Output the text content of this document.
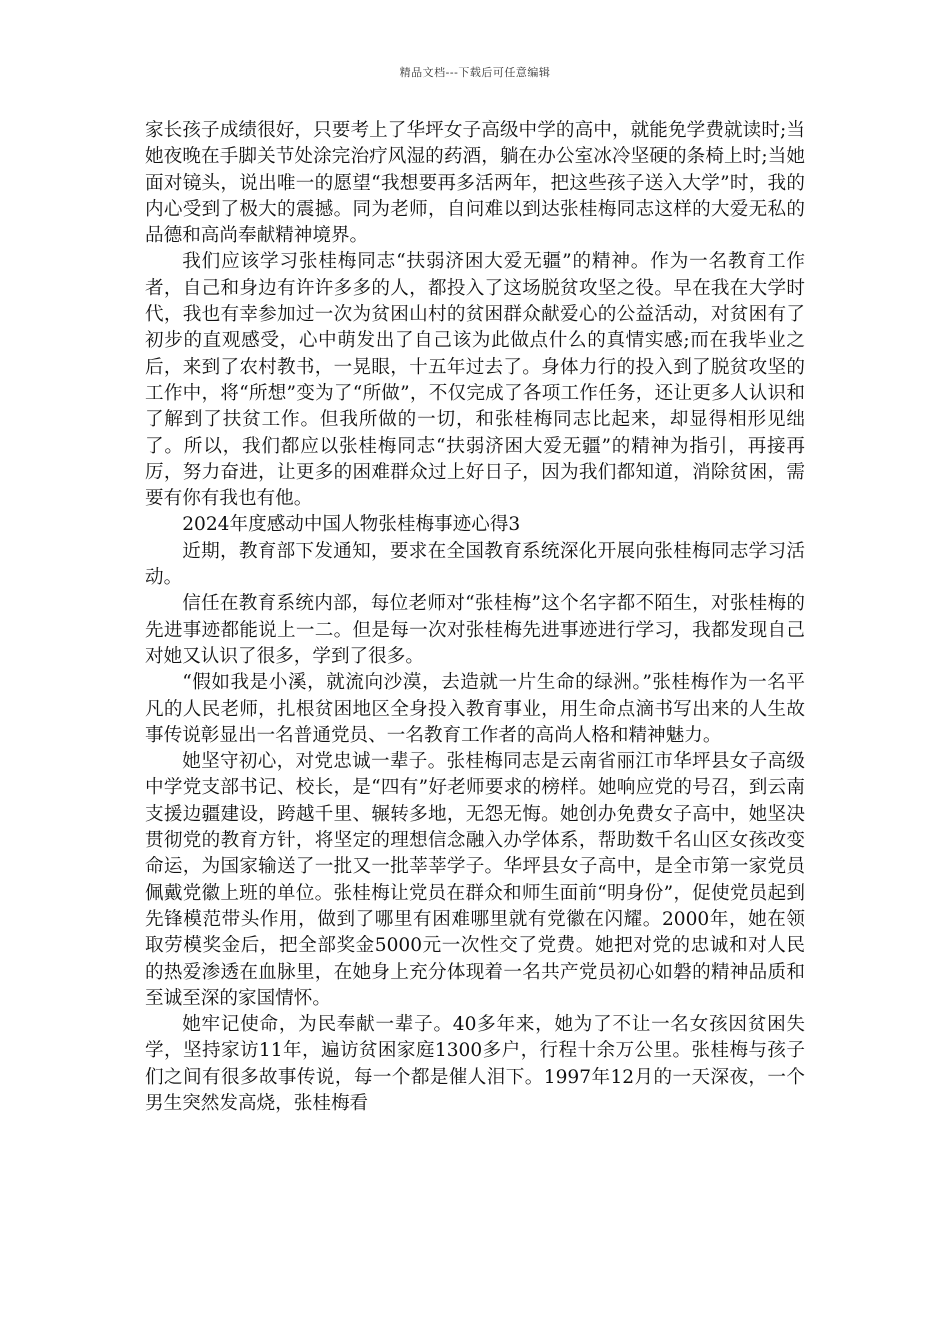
精品文档---下载后可任意编辑

家长孩子成绩很好，只要考上了华坪女子高级中学的高中，就能免学费就读时;当她夜晚在手脚关节处涂完治疗风湿的药酒，躺在办公室冰冷坚硬的条椅上时;当她面对镜头，说出唯一的愿望“我想要再多活两年，把这些孩子送入大学”时，我的内心受到了极大的震撼。同为老师，自问难以到达张桂梅同志这样的大爱无私的品德和高尚奉献精神境界。

我们应该学习张桂梅同志“扶弱济困大爱无疆”的精神。作为一名教育工作者，自己和身边有许许多多的人，都投入了这场脱贫攻坚之役。早在我在大学时代，我也有幸参加过一次为贫困山村的贫困群众献爱心的公益活动，对贫困有了初步的直观感受，心中萌发出了自己该为此做点什么的真情实感;而在我毕业之后，来到了农村教书，一晃眼，十五年过去了。身体力行的投入到了脱贫攻坚的工作中，将“所想”变为了“所做”，不仅完成了各项工作任务，还让更多人认识和了解到了扶贫工作。但我所做的一切，和张桂梅同志比起来，却显得相形见绌了。所以，我们都应以张桂梅同志“扶弱济困大爱无疆”的精神为指引，再接再厉，努力奋进，让更多的困难群众过上好日子，因为我们都知道，消除贫困，需要有你有我也有他。

2024年度感动中国人物张桂梅事迹心得3

近期，教育部下发通知，要求在全国教育系统深化开展向张桂梅同志学习活动。

信任在教育系统内部，每位老师对“张桂梅”这个名字都不陌生，对张桂梅的先进事迹都能说上一二。但是每一次对张桂梅先进事迹进行学习，我都发现自己对她又认识了很多，学到了很多。

“假如我是小溪，就流向沙漠，去造就一片生命的绿洲。”张桂梅作为一名平凡的人民老师，扎根贫困地区全身投入教育事业，用生命点滴书写出来的人生故事传说彰显出一名普通党员、一名教育工作者的高尚人格和精神魅力。

她坚守初心，对党忠诚一辈子。张桂梅同志是云南省丽江市华坪县女子高级中学党支部书记、校长，是“四有”好老师要求的榜样。她响应党的号召，到云南支援边疆建设，跨越千里、辗转多地，无怨无悔。她创办免费女子高中，她坚决贯彻党的教育方针，将坚定的理想信念融入办学体系，帮助数千名山区女孩改变命运，为国家输送了一批又一批莘莘学子。华坪县女子高中，是全市第一家党员佩戴党徽上班的单位。张桂梅让党员在群众和师生面前“明身份”，促使党员起到先锋模范带头作用，做到了哪里有困难哪里就有党徽在闪耀。2000年，她在领取劳模奖金后，把全部奖金5000元一次性交了党费。她把对党的忠诚和对人民的热爱渗透在血脉里，在她身上充分体现着一名共产党员初心如磐的精神品质和至诚至深的家国情怀。

她牢记使命，为民奉献一辈子。40多年来，她为了不让一名女孩因贫困失学，坚持家访11年，遍访贫困家庭1300多户，行程十余万公里。张桂梅与孩子们之间有很多故事传说，每一个都是催人泪下。1997年12月的一天深夜，一个男生突然发高烧，张桂梅看
